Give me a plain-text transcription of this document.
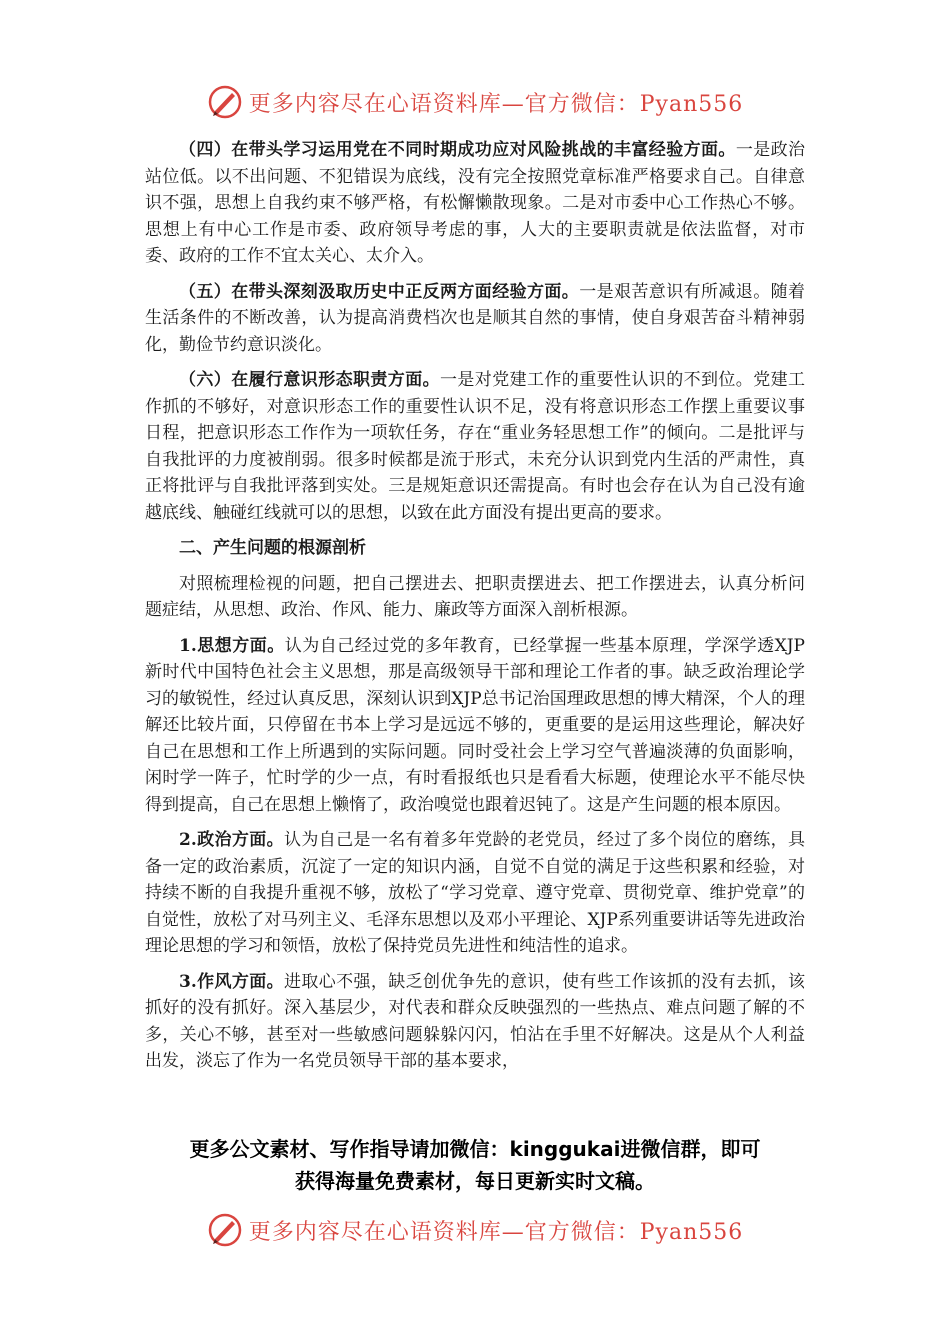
更多内容尽在心语资料库—官方微信：Pyan556

（四）在带头学习运用党在不同时期成功应对风险挑战的丰富经验方面。一是政治站位低。以不出问题、不犯错误为底线，没有完全按照党章标准严格要求自己。自律意识不强，思想上自我约束不够严格，有松懈懒散现象。二是对市委中心工作热心不够。思想上有中心工作是市委、政府领导考虑的事，人大的主要职责就是依法监督，对市委、政府的工作不宜太关心、太介入。

（五）在带头深刻汲取历史中正反两方面经验方面。一是艰苦意识有所减退。随着生活条件的不断改善，认为提高消费档次也是顺其自然的事情，使自身艰苦奋斗精神弱化，勤俭节约意识淡化。

（六）在履行意识形态职责方面。一是对党建工作的重要性认识的不到位。党建工作抓的不够好，对意识形态工作的重要性认识不足，没有将意识形态工作摆上重要议事日程，把意识形态工作作为一项软任务，存在“重业务轻思想工作”的倾向。二是批评与自我批评的力度被削弱。很多时候都是流于形式，未充分认识到党内生活的严肃性，真正将批评与自我批评落到实处。三是规矩意识还需提高。有时也会存在认为自己没有逾越底线、触碰红线就可以的思想，以致在此方面没有提出更高的要求。

二、产生问题的根源剖析

对照梳理检视的问题，把自己摆进去、把职责摆进去、把工作摆进去，认真分析问题症结，从思想、政治、作风、能力、廉政等方面深入剖析根源。

1.思想方面。认为自己经过党的多年教育，已经掌握一些基本原理，学深学透XJP新时代中国特色社会主义思想，那是高级领导干部和理论工作者的事。缺乏政治理论学习的敏锐性，经过认真反思，深刻认识到XJP总书记治国理政思想的博大精深，个人的理解还比较片面，只停留在书本上学习是远远不够的，更重要的是运用这些理论，解决好自己在思想和工作上所遇到的实际问题。同时受社会上学习空气普遍淡薄的负面影响，闲时学一阵子，忙时学的少一点，有时看报纸也只是看看大标题，使理论水平不能尽快得到提高，自己在思想上懒惰了，政治嗅觉也跟着迟钝了。这是产生问题的根本原因。

2.政治方面。认为自己是一名有着多年党龄的老党员，经过了多个岗位的磨练，具备一定的政治素质，沉淀了一定的知识内涵，自觉不自觉的满足于这些积累和经验，对持续不断的自我提升重视不够，放松了“学习党章、遵守党章、贯彻党章、维护党章”的自觉性，放松了对马列主义、毛泽东思想以及邓小平理论、XJP系列重要讲话等先进政治理论思想的学习和领悟，放松了保持党员先进性和纯洁性的追求。

3.作风方面。进取心不强，缺乏创优争先的意识，使有些工作该抓的没有去抓，该抓好的没有抓好。深入基层少，对代表和群众反映强烈的一些热点、难点问题了解的不多，关心不够，甚至对一些敏感问题躲躲闪闪，怕沾在手里不好解决。这是从个人利益出发，淡忘了作为一名党员领导干部的基本要求，

更多公文素材、写作指导请加微信：kinggukai进微信群，即可
获得海量免费素材，每日更新实时文稿。
更多内容尽在心语资料库—官方微信：Pyan556
